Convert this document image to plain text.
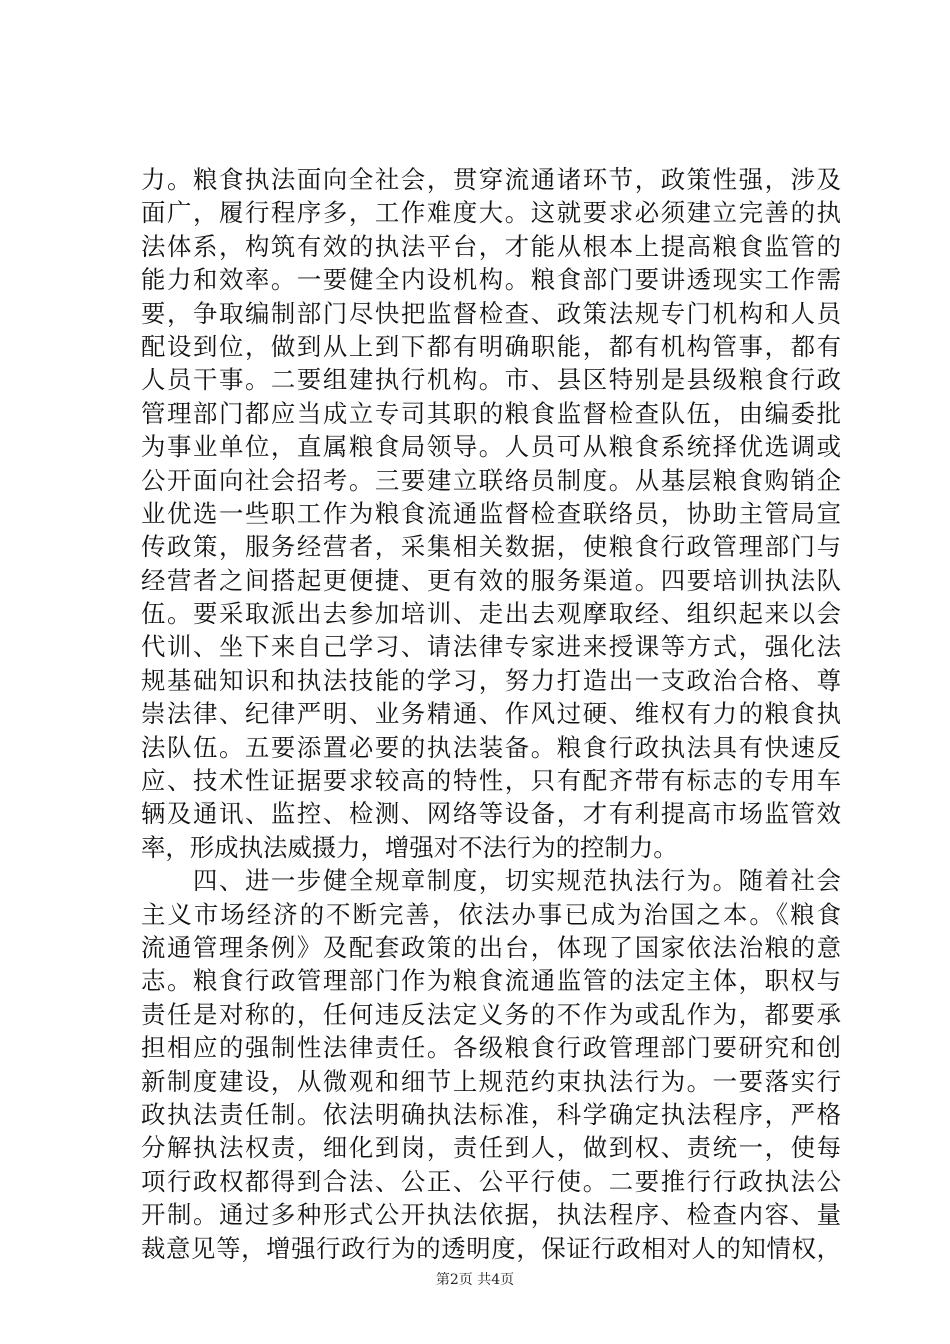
力。粮食执法面向全社会，贯穿流通诸环节，政策性强，涉及
面广，履行程序多，工作难度大。这就要求必须建立完善的执
法体系，构筑有效的执法平台，才能从根本上提高粮食监管的
能力和效率。一要健全内设机构。粮食部门要讲透现实工作需
要，争取编制部门尽快把监督检查、政策法规专门机构和人员
配设到位，做到从上到下都有明确职能，都有机构管事，都有
人员干事。二要组建执行机构。市、县区特别是县级粮食行政
管理部门都应当成立专司其职的粮食监督检查队伍，由编委批
为事业单位，直属粮食局领导。人员可从粮食系统择优选调或
公开面向社会招考。三要建立联络员制度。从基层粮食购销企
业优选一些职工作为粮食流通监督检查联络员，协助主管局宣
传政策，服务经营者，采集相关数据，使粮食行政管理部门与
经营者之间搭起更便捷、更有效的服务渠道。四要培训执法队
伍。要采取派出去参加培训、走出去观摩取经、组织起来以会
代训、坐下来自己学习、请法律专家进来授课等方式，强化法
规基础知识和执法技能的学习，努力打造出一支政治合格、尊
崇法律、纪律严明、业务精通、作风过硬、维权有力的粮食执
法队伍。五要添置必要的执法装备。粮食行政执法具有快速反
应、技术性证据要求较高的特性，只有配齐带有标志的专用车
辆及通讯、监控、检测、网络等设备，才有利提高市场监管效
率，形成执法威摄力，增强对不法行为的控制力。
　　四、进一步健全规章制度，切实规范执法行为。随着社会
主义市场经济的不断完善，依法办事已成为治国之本。《粮食
流通管理条例》及配套政策的出台，体现了国家依法治粮的意
志。粮食行政管理部门作为粮食流通监管的法定主体，职权与
责任是对称的，任何违反法定义务的不作为或乱作为，都要承
担相应的强制性法律责任。各级粮食行政管理部门要研究和创
新制度建设，从微观和细节上规范约束执法行为。一要落实行
政执法责任制。依法明确执法标准，科学确定执法程序，严格
分解执法权责，细化到岗，责任到人，做到权、责统一，使每
项行政权都得到合法、公正、公平行使。二要推行行政执法公
开制。通过多种形式公开执法依据，执法程序、检查内容、量
裁意见等，增强行政行为的透明度，保证行政相对人的知情权，
第2页 共4页
